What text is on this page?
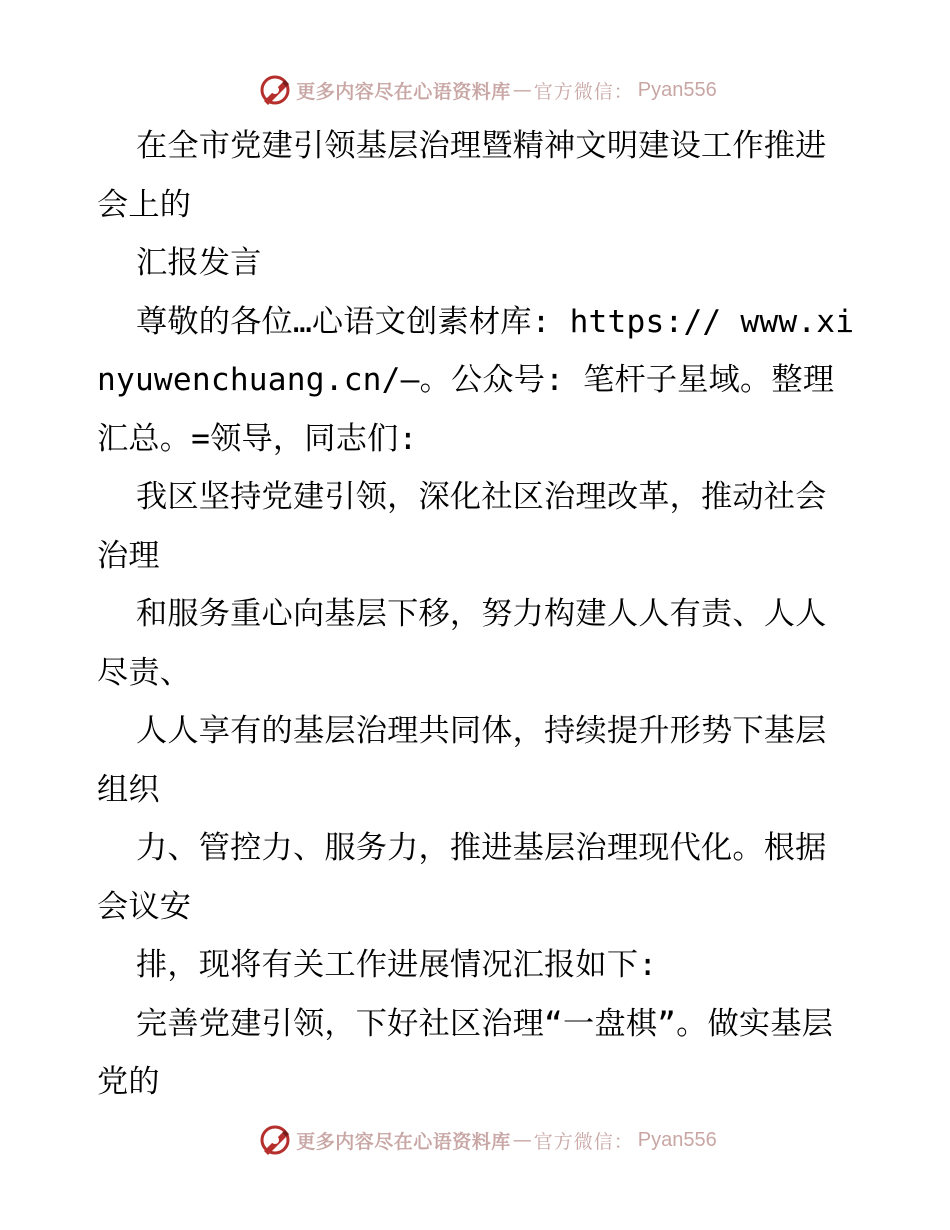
更多内容尽在心语资料库 — 官方微信： Pyan556

在全市党建引领基层治理暨精神文明建设工作推进会上的

汇报发言

尊敬的各位…心语文创素材库: https:// www.xinyuwenchuang.cn/—。公众号: 笔杆子星域。整理汇总。=领导，同志们:

我区坚持党建引领，深化社区治理改革，推动社会治理

和服务重心向基层下移，努力构建人人有责、人人尽责、

人人享有的基层治理共同体，持续提升形势下基层组织

力、管控力、服务力，推进基层治理现代化。根据会议安

排，现将有关工作进展情况汇报如下:

完善党建引领，下好社区治理“一盘棋”。做实基层党的

更多内容尽在心语资料库 — 官方微信： Pyan556
